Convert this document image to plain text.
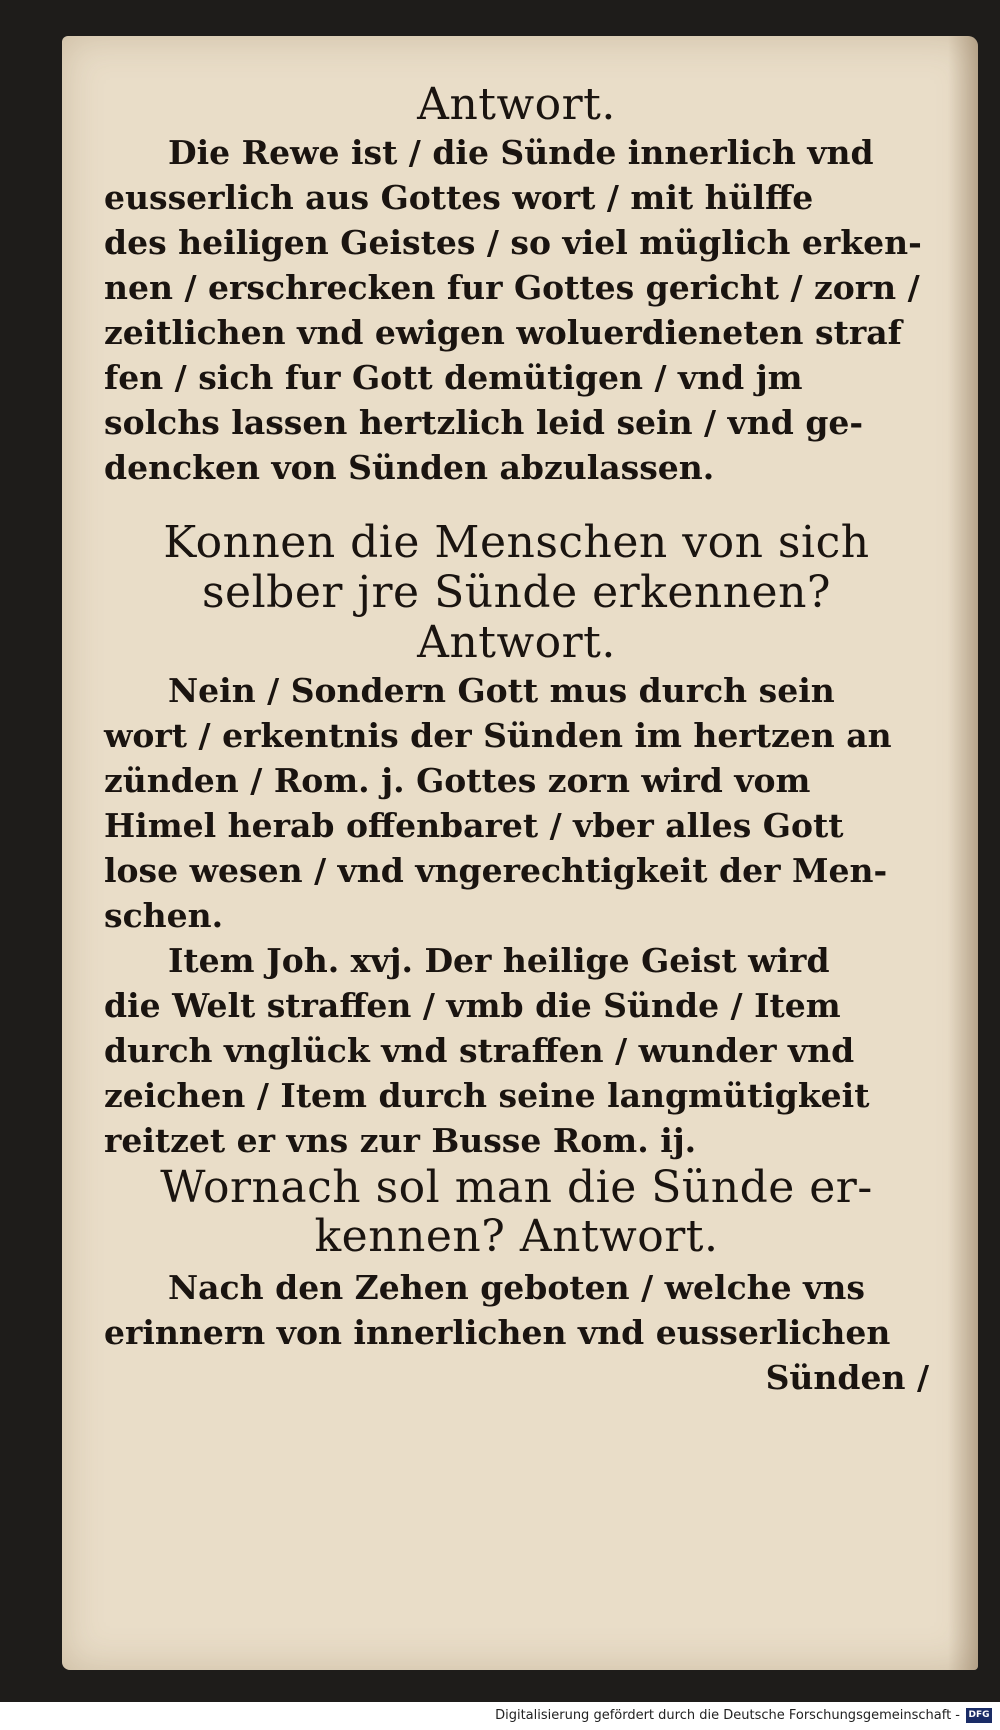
Antwort.

Die Rewe ist / die Sünde innerlich vnd
eusserlich aus Gottes wort / mit hülffe
des heiligen Geistes / so viel müglich erken-
nen / erschrecken fur Gottes gericht / zorn /
zeitlichen vnd ewigen woluerdieneten straf
fen / sich fur Gott demütigen / vnd jm
solchs lassen hertzlich leid sein / vnd ge-
dencken von Sünden abzulassen.

Konnen die Menschen von sich

selber jre Sünde erkennen?

Antwort.

Nein / Sondern Gott mus durch sein
wort / erkentnis der Sünden im hertzen an
zünden / Rom. j. Gottes zorn wird vom
Himel herab offenbaret / vber alles Gott
lose wesen / vnd vngerechtigkeit der Men-
schen.

Item Joh. xvj. Der heilige Geist wird
die Welt straffen / vmb die Sünde / Item
durch vnglück vnd straffen / wunder vnd
zeichen / Item durch seine langmütigkeit
reitzet er vns zur Busse Rom. ij.

Wornach sol man die Sünde er-

kennen? Antwort.

Nach den Zehen geboten / welche vns
erinnern von innerlichen vnd eusserlichen
Sünden /

Digitalisierung gefördert durch die Deutsche Forschungsgemeinschaft - DFG
